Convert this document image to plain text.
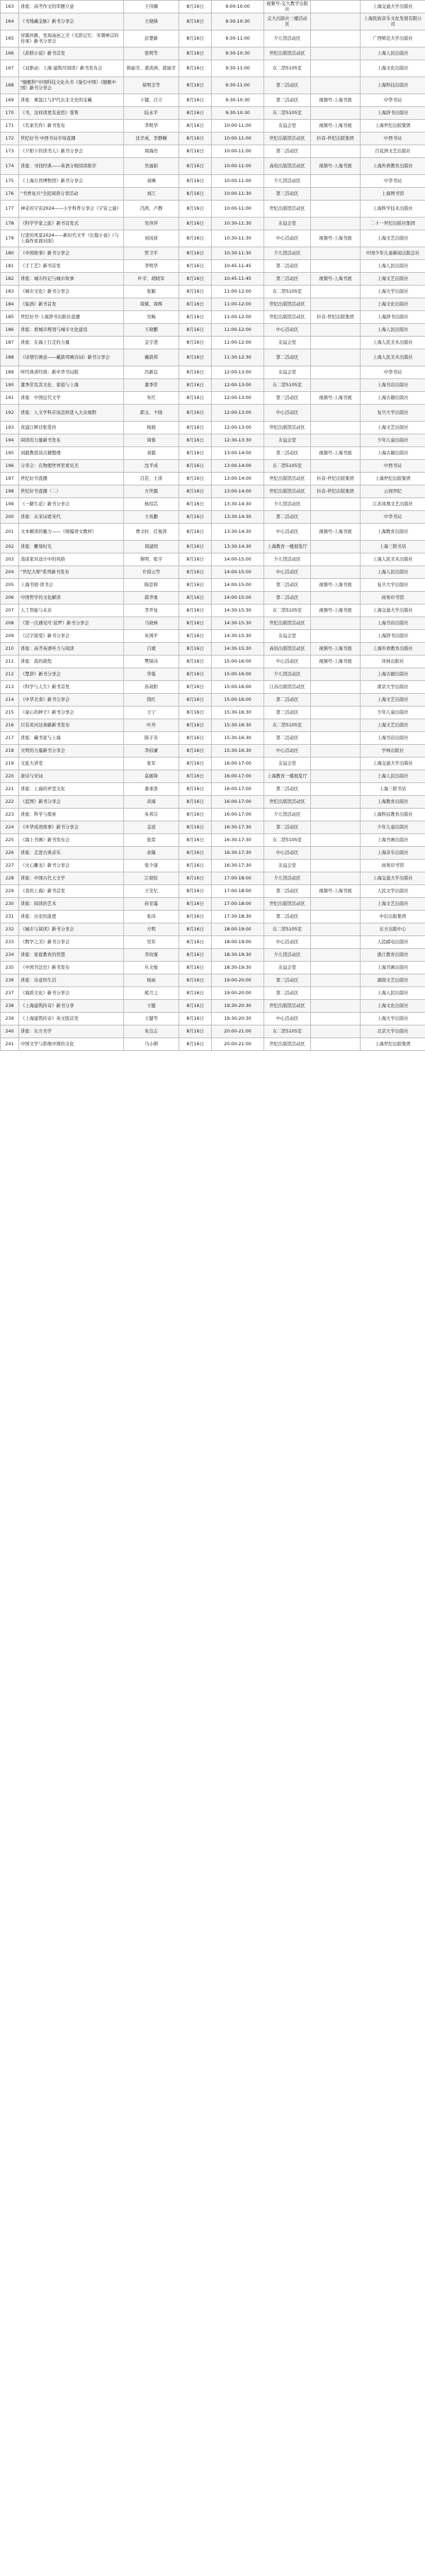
163	讲座：高考作文的审题立意	王伟楠	8月16日	9:00-10:00	视频号-交大教学出版社		上海交通大学出版社
164	《书残藏金脉》新书分享会	王晓锋	8月16日	9:30-10:30	交大出版社三楼活动区		上海民族音乐文化发展有限公司
165	穿越丝路，发现高邑之美《光影记忆：宋朝禅宗的传承》新书分享会	彭楚新	8月16日	9:30-11:00	少儿馆活动区		广西师范大学出版社
166	《苏联小说》新书首发	张明等	8月16日	9:30-10:30	世纪出版馆活动区		上海人民出版社
167	《双驱动：上海·建筑可阅读》新书发布会	陈丽芳、姜洪洲、郭丽芳	8月16日	9:30-11:00	东二馆5105室		上海文化出版社
168	"舰艇科"中国科技文化丛书《强引中国》《舰艇中国》新书分享会	徐明全等	8月16日	9:30-11:00	第三活动区		上海科技出版社
169	讲座：重温江与沪代东北文史的宝藏	卜键、吕立	8月16日	9:30-10:30	第三活动区	视频号-上海书展	中华书局
170	《书，这样读更有意思》签售	陆永平	8月16日	9:30-10:30	东二馆5105室		上海辞书出版社
171	《名家名作》新书发布	李明华	8月16日	10:00-11:00	友谊会堂	视频号-上海书展	上海世纪出版集团
172	世纪好书·中西书局专场直播	沈辛成、李静娴	8月16日	10:00-11:00	世纪出版馆活动区	抖音-世纪出版集团	中西书局
173	《夕阳下的读书人》新书分享会	周海亮	8月16日	10:00-11:00	第二活动区		百花洲文艺出版社
174	讲座：寻找经典——英语分级阅读推荐	吴丽娟	8月16日	10:00-11:00	高校出版馆活动区	视频号-上海书展	上海外语教育出版社
175	《上海自然博物馆》新书分享会	刘琳	8月16日	10:00-11:00	少儿馆活动区		中华书局
176	"书香复兴"全民阅读分享活动	刘江	8月16日	10:00-11:30	第三活动区		上海图书馆
177	神奇的宇宙2024——小学科普分享会《宇宙之谜》	冯鸿、卢静	8月16日	10:00-11:00	世纪出版馆活动区		上海科学技术出版社
178	《科学学家之旅》新书首发式	吴萍萍	8月16日	10:30-11:30	友谊会堂		二十一世纪出版社集团
179	行进的风景2024——新时代文学《长篇小说》《与上海作家面对面》	刘凤祥	8月16日	10:30-11:30	中心活动区	视频号-上海书展	上海文艺出版社
180	《中国故事》新书分享会	管卫平	8月16日	10:30-11:30	少儿馆活动区		中国少年儿童新闻出版总社
181	《手工艺》新书首发	李明华	8月16日	10:45-11:45	第二活动区		上海人民出版社
182	讲座：城市传记与城市故事	叶辛、胡晓军	8月16日	10:45-11:45	第三活动区	视频号-上海书展	上海文艺出版社
183	《城市文化》新书分享会	张颖	8月16日	11:00-12:00	东二馆5105室		上海大学出版社
184	《旋涡》新书首发	周斌、周辉	8月16日	11:00-12:00	世纪出版馆活动区		上海文化出版社
185	世纪好书·上海辞书出版社直播	吴畅	8月16日	11:00-12:00	世纪出版馆活动区	抖音-世纪出版集团	上海辞书出版社
186	讲座：看城市规划与城市文化建设	王晓鹏	8月16日	11:00-12:00	中心活动区		上海人民出版社
187	讲座：在海上行走的力量	金宇澄	8月16日	11:00-12:00	友谊会堂		上海人民美术出版社
188	《诗情引画意——戴敦邦画诗词》新书分享会	戴敦邦	8月16日	11:30-12:30	第二活动区		上海人民美术出版社
189	听经典讲经典：新中华书局版	冯新宜	8月16日	12:00-13:00	友谊会堂		中华书局
190	董季常及其文化、家庭与上海	董季常	8月16日	12:00-13:00	东二馆5105室		上海书店出版社
191	讲座：中国近代文学	朱红	8月16日	12:00-13:00	第三活动区	视频号-上海书展	上海古籍出版社
192	讲座：人文学科应该怎样进入大众视野	郭玉、卞晓	8月16日	12:00-13:00	中心活动区		复旦大学出版社
193	黄浦江畔话张爱玲	杨晓	8月16日	12:00-13:00	世纪出版馆活动区		上海文艺出版社
194	阅读的力量新书发布	周蓉	8月16日	12:30-13:30	友谊会堂		少年儿童出版社
195	刘毅教授谈古籍整理	刘毅	8月16日	13:00-14:00	第三活动区	视频号-上海书展	上海古籍出版社
196	分享会：在物理世界里看见美	沈平成	8月16日	13:00-14:00	东二馆5105室		中西书局
197	世纪好书直播	吕佳、王涛	8月16日	13:00-14:00	世纪出版馆活动区	抖音-世纪出版集团	上海世纪出版集团
198	世纪好书直播（二）	方世源	8月16日	13:00-14:00	世纪出版馆活动区	抖音-世纪出版集团	云间世纪
199	《一路生花》新书分享会	杨绍芯	8月16日	13:30-14:30	少儿馆活动区		江苏凤凰文艺出版社
200	讲座：从宋词看宋代	王兆鹏	8月16日	13:30-14:30	第二活动区		中华书局
201	文本解读的魅力——《统编语文教材》	曹文轩、任俊涛	8月16日	13:30-14:30	中心活动区	视频号-上海书展	上海教育出版社
202	讲座：雕刻时光	周建国	8月16日	13:30-14:30	上海教育一楼展览厅		上海三联书店
203	浅谈家具设计中的风格	蔡明、张宇	8月16日	14:00-15:00	少儿馆活动区		上海人民美术出版社
204	"世纪大师"系列新书发布	许倬云等	8月16日	14:00-15:00	中心活动区		上海人民出版社
205	上海书展·读书会	陈思和	8月16日	14:00-15:00	第三活动区	视频号-上海书展	复旦大学出版社
206	中国哲学的文化解读	郭齐勇	8月16日	14:00-15:00	第二活动区		商务印书馆
207	人工智能与未来	李开复	8月16日	14:30-15:30	东二馆5105室	视频号-上海书展	上海交通大学出版社
208	《第一次遇见可·波罗》新书分享会	马晓林	8月16日	14:30-15:30	世纪出版馆活动区		上海书店出版社
209	《汉字演变》新书分享会	朱国平	8月16日	14:30-15:30	友谊会堂		上海辞书出版社
210	讲座：高考英语听力与阅读	吕斌	8月16日	14:30-15:30	高校出版馆活动区	视频号-上海书展	上海外语教育出版社
211	讲座：我的敦煌	樊锦诗	8月16日	15:00-16:00	中心活动区	视频号-上海书展	译林出版社
212	《楚辞》新书分享会	华强	8月16日	15:00-16:00	少儿馆活动区		上海古籍出版社
213	《科学与人生》新书首发	苏叔阳	8月16日	15:00-16:00	江苏出版馆活动区		南京大学出版社
214	《中华美食》新书分享会	钱红	8月16日	15:00-16:00	第二活动区		上海文艺出版社
215	《童心的种子》新书分享会	王宁	8月16日	15:30-16:30	第三活动区		少年儿童出版社
216	只有黄河这条路新书发布	叶舟	8月16日	15:30-16:30	东二馆5105室		上海文艺出版社
217	讲座：藏书家与上海	陈子善	8月16日	15:30-16:30	第二活动区		上海书店出版社
218	文明的力量新书分享会	李伯谦	8月16日	15:30-16:30	中心活动区		学林出版社
219	文旅大讲堂	张军	8月16日	16:00-17:00	友谊会堂		上海交通大学出版社
220	唐诗与宋词	莫砺锋	8月16日	16:00-17:00	上海教育一楼展览厅		上海人民出版社
221	讲座：上海的弄堂文化	娄承浩	8月16日	16:00-17:00	第三活动区		上海三联书店
222	《蓝图》新书分享会	黄海	8月16日	16:00-17:00	世纪出版馆活动区		上海教育出版社
223	讲座：科学与探索	朱邦芬	8月16日	16:00-17:00	少儿馆活动区		上海科技教育出版社
224	《中华成语故事》新书分享会	金波	8月16日	16:30-17:30	第二活动区		少年儿童出版社
225	《海上书画》新书发布会	张雷	8月16日	16:30-17:30	东二馆5105室		上海书画出版社
226	讲座：走进古典音乐	余隆	8月16日	16:30-17:30	中心活动区		上海音乐出版社
227	《文心雕龙》新书分享会	张少康	8月16日	16:30-17:30	友谊会堂		商务印书馆
228	讲座：中国古代天文学	江晓原	8月16日	17:00-18:00	少儿馆活动区		上海交通大学出版社
229	《我的上海》新书首发	王安忆	8月16日	17:00-18:00	第三活动区	视频号-上海书展	人民文学出版社
230	讲座：阅读的艺术	孙甘露	8月16日	17:00-18:00	世纪出版馆活动区		上海文艺出版社
231	讲座：历史的温度	张玮	8月16日	17:30-18:30	第二活动区		中信出版集团
232	《城市与阅读》新书分享会	方明	8月16日	18:00-19:00	东二馆5105室		东方出版中心
233	《数学之美》新书分享会	吴军	8月16日	18:00-19:00	中心活动区		人民邮电出版社
234	讲座：家庭教育的智慧	李玫瑾	8月16日	18:30-19:30	少儿馆活动区		浙江教育出版社
235	《中国书法史》新书发布	丛文俊	8月16日	18:30-19:30	友谊会堂		上海书画出版社
236	讲座：诗意的生活	杨雨	8月16日	19:00-20:00	第三活动区		湖南文艺出版社
237	《海派文化》新书分享会	熊月之	8月16日	19:00-20:00	第二活动区		上海人民出版社
238	《上海建筑传奇》新书分享	王健	8月16日	19:30-20:30	世纪出版馆活动区		上海文化出版社
239	《上海建筑传奇》英文版首发	王健等	8月16日	19:30-20:30	中心活动区		上海大学出版社
240	讲座：东方美学	朱良志	8月16日	20:00-21:00	东二馆5105室		北京大学出版社
241	中国文学与影像中国的文化	马小俐	8月16日	20:00-21:00	世纪出版馆活动区		上海世纪出版集团
